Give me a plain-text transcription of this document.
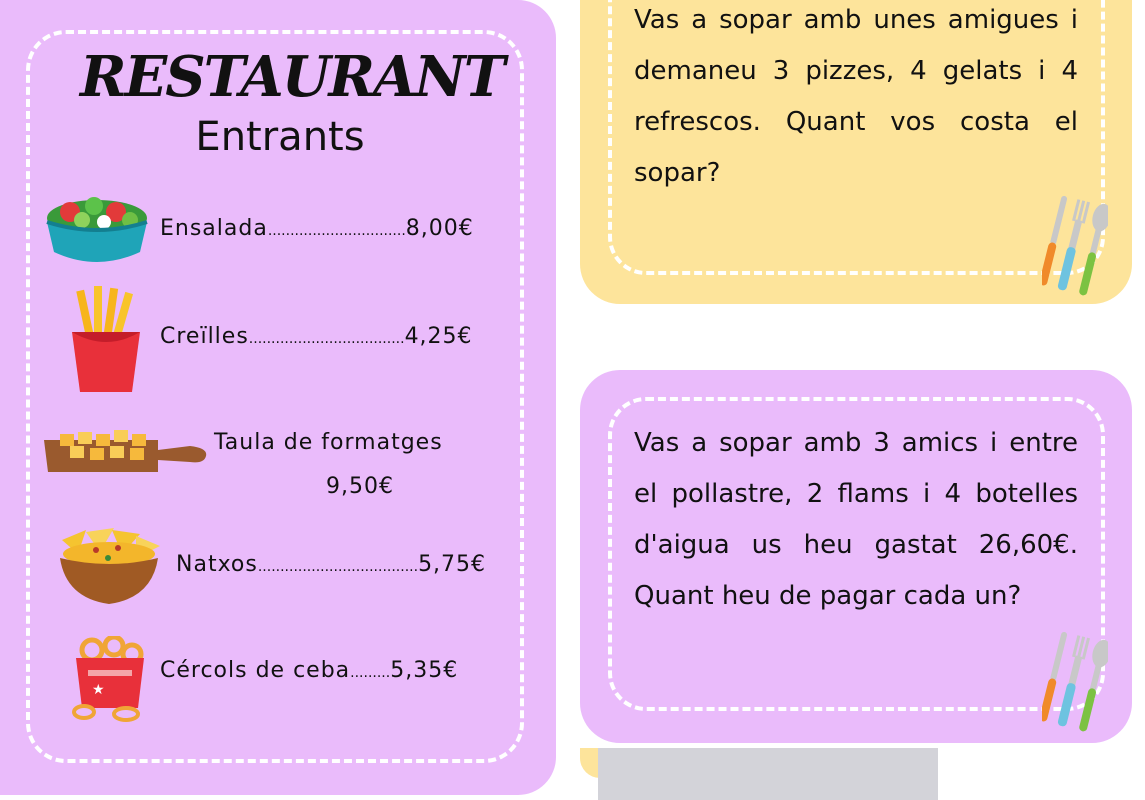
RESTAURANT
Entrants
Ensalada...............................8,00€
Creïlles...................................4,25€
Taula de formatges
9,50€
Natxos....................................5,75€
★
Cércols de ceba.........5,35€
Vas a sopar amb unes amigues i demaneu 3 pizzes, 4 gelats i 4 refrescos. Quant vos costa el sopar?
Vas a sopar amb 3 amics i entre el pollastre, 2 flams i 4 botelles d'aigua us heu gastat 26,60€. Quant heu de pagar cada un?
